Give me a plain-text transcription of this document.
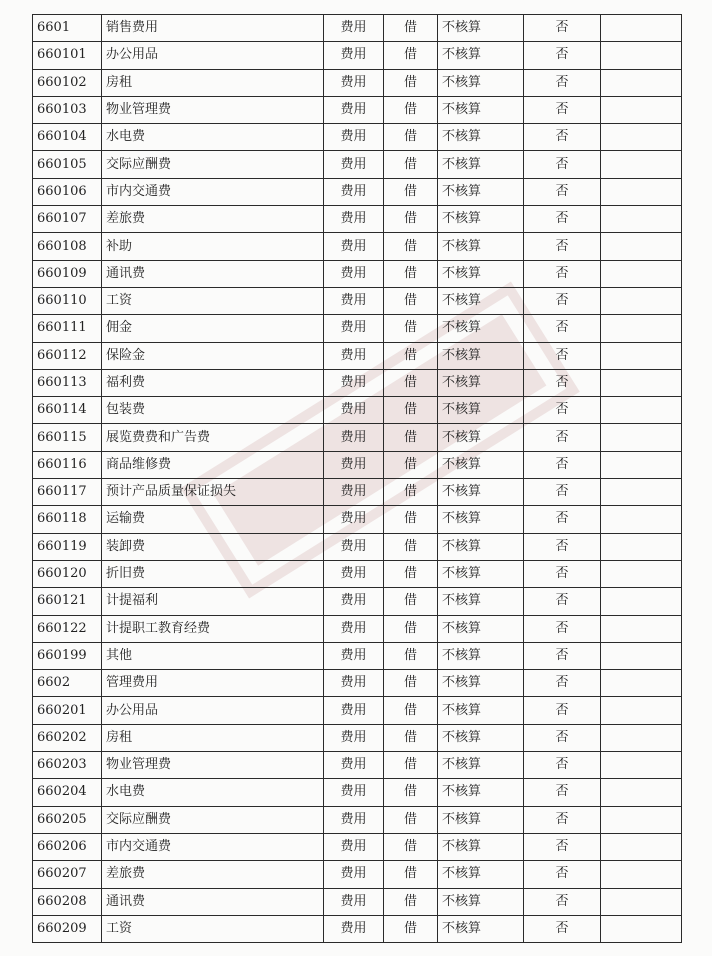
6601	销售费用	费用	借	不核算	否	
660101	办公用品	费用	借	不核算	否	
660102	房租	费用	借	不核算	否	
660103	物业管理费	费用	借	不核算	否	
660104	水电费	费用	借	不核算	否	
660105	交际应酬费	费用	借	不核算	否	
660106	市内交通费	费用	借	不核算	否	
660107	差旅费	费用	借	不核算	否	
660108	补助	费用	借	不核算	否	
660109	通讯费	费用	借	不核算	否	
660110	工资	费用	借	不核算	否	
660111	佣金	费用	借	不核算	否	
660112	保险金	费用	借	不核算	否	
660113	福利费	费用	借	不核算	否	
660114	包装费	费用	借	不核算	否	
660115	展览费费和广告费	费用	借	不核算	否	
660116	商品维修费	费用	借	不核算	否	
660117	预计产品质量保证损失	费用	借	不核算	否	
660118	运输费	费用	借	不核算	否	
660119	装卸费	费用	借	不核算	否	
660120	折旧费	费用	借	不核算	否	
660121	计提福利	费用	借	不核算	否	
660122	计提职工教育经费	费用	借	不核算	否	
660199	其他	费用	借	不核算	否	
6602	管理费用	费用	借	不核算	否	
660201	办公用品	费用	借	不核算	否	
660202	房租	费用	借	不核算	否	
660203	物业管理费	费用	借	不核算	否	
660204	水电费	费用	借	不核算	否	
660205	交际应酬费	费用	借	不核算	否	
660206	市内交通费	费用	借	不核算	否	
660207	差旅费	费用	借	不核算	否	
660208	通讯费	费用	借	不核算	否	
660209	工资	费用	借	不核算	否	
